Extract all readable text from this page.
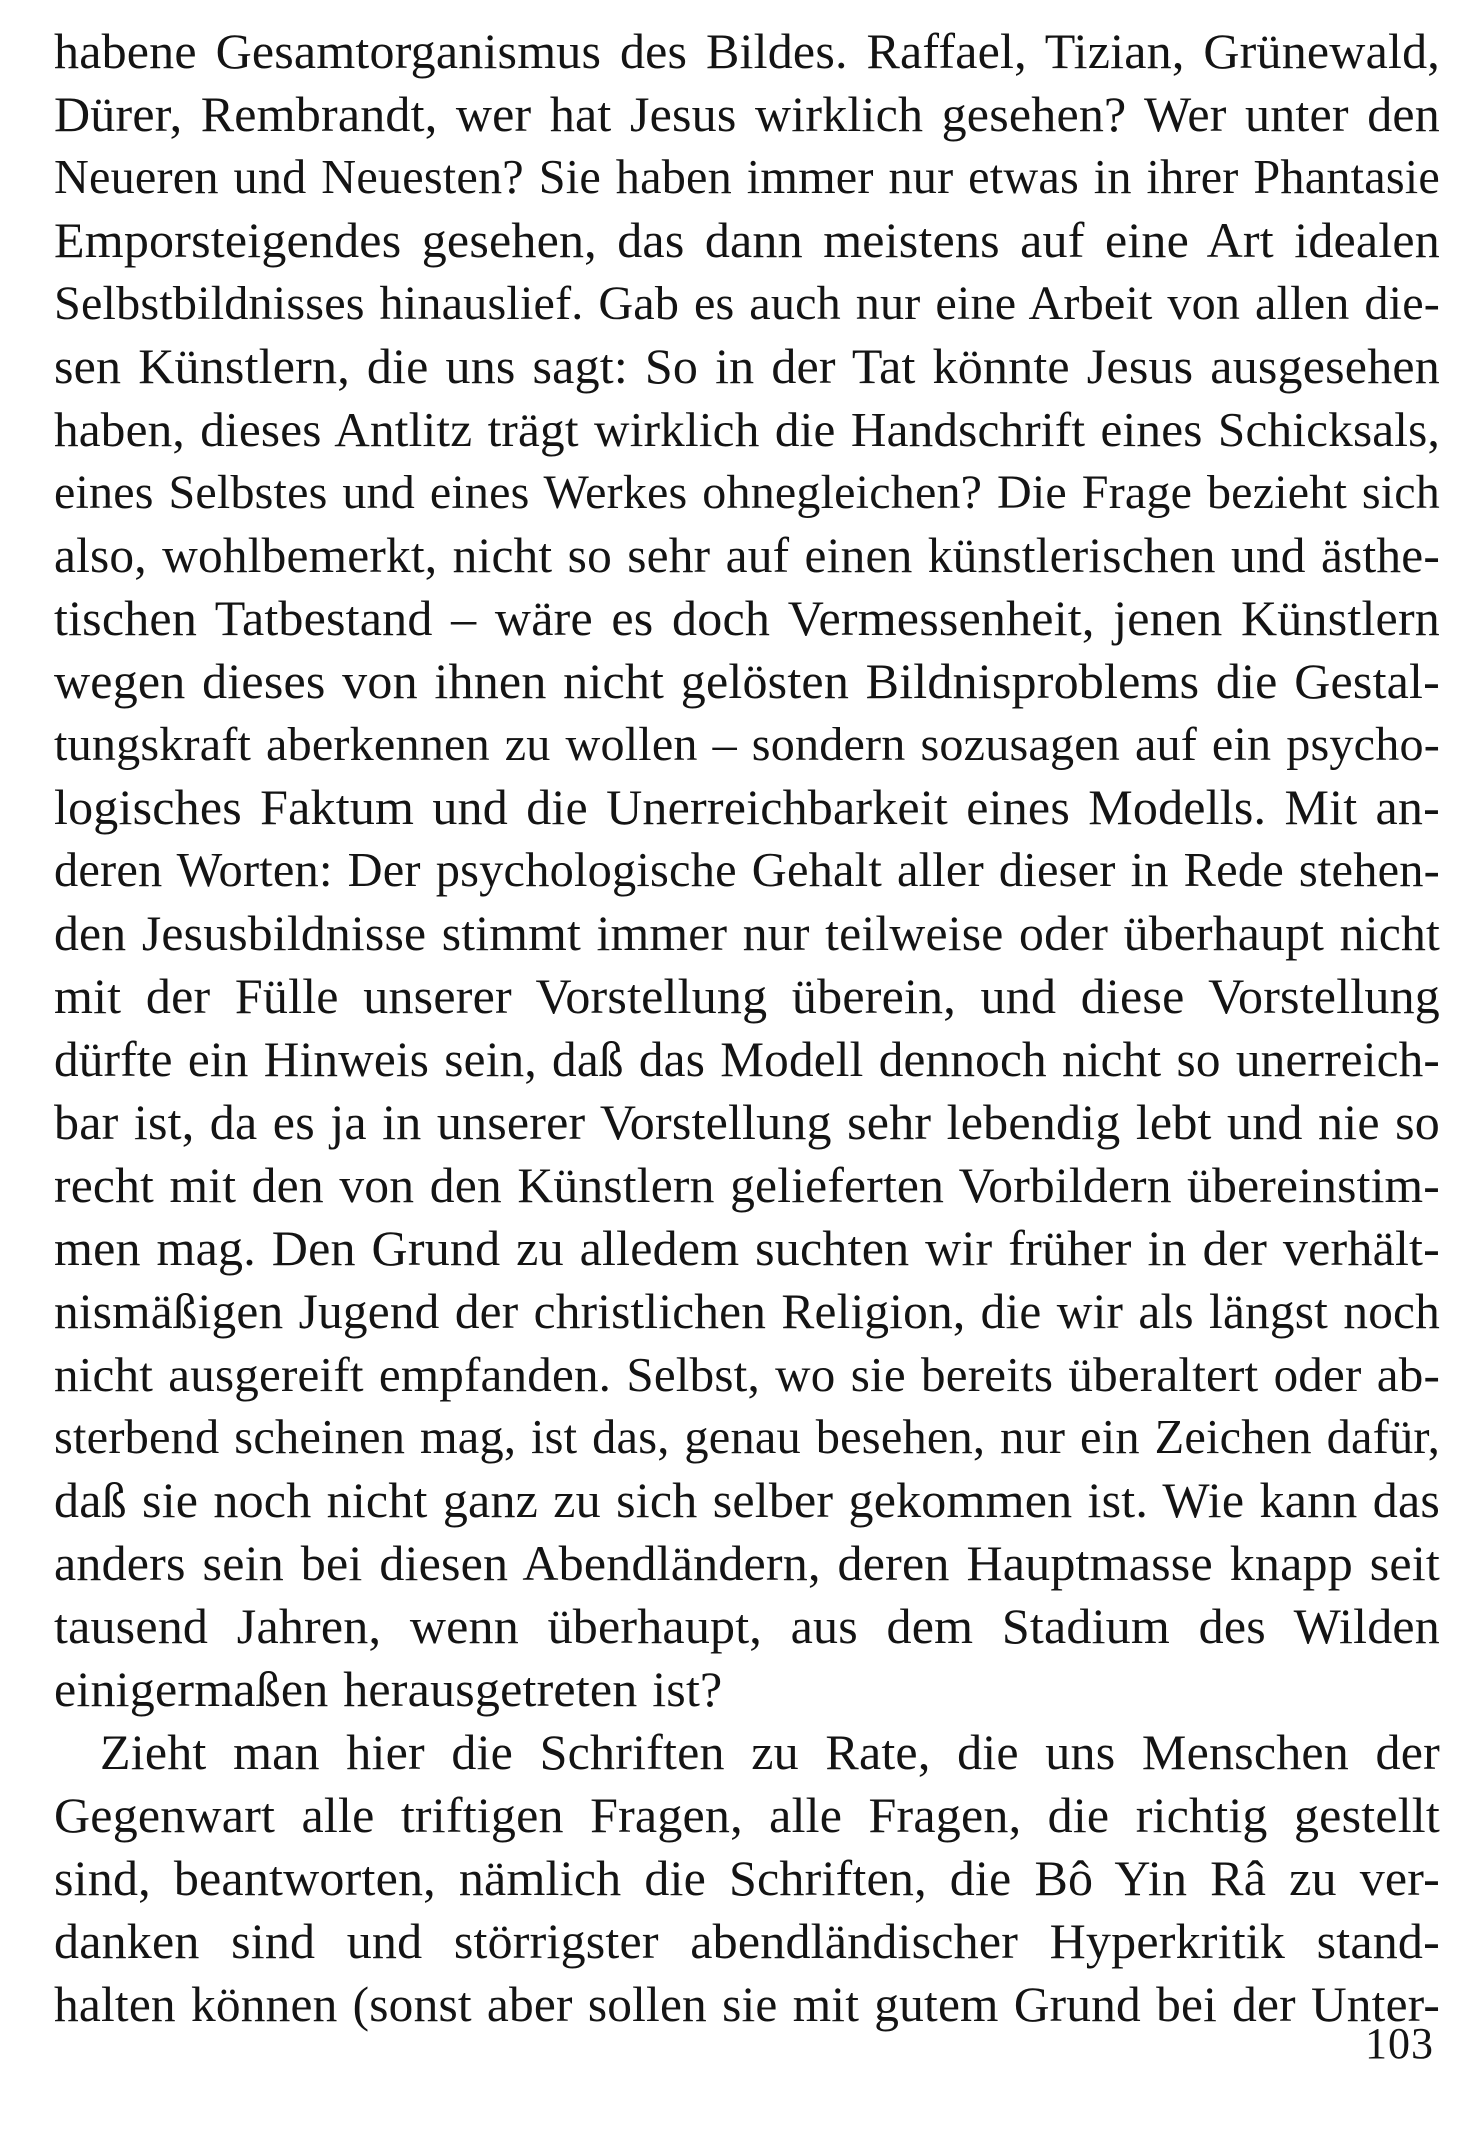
habene Gesamtorganismus des Bildes. Raffael, Tizian, Grünewald,
Dürer, Rembrandt, wer hat Jesus wirklich gesehen? Wer unter den
Neueren und Neuesten? Sie haben immer nur etwas in ihrer Phantasie
Emporsteigendes gesehen, das dann meistens auf eine Art idealen
Selbstbildnisses hinauslief. Gab es auch nur eine Arbeit von allen die-
sen Künstlern, die uns sagt: So in der Tat könnte Jesus ausgesehen
haben, dieses Antlitz trägt wirklich die Handschrift eines Schicksals,
eines Selbstes und eines Werkes ohnegleichen? Die Frage bezieht sich
also, wohlbemerkt, nicht so sehr auf einen künstlerischen und ästhe-
tischen Tatbestand – wäre es doch Vermessenheit, jenen Künstlern
wegen dieses von ihnen nicht gelösten Bildnisproblems die Gestal-
tungskraft aberkennen zu wollen – sondern sozusagen auf ein psycho-
logisches Faktum und die Unerreichbarkeit eines Modells. Mit an-
deren Worten: Der psychologische Gehalt aller dieser in Rede stehen-
den Jesusbildnisse stimmt immer nur teilweise oder überhaupt nicht
mit der Fülle unserer Vorstellung überein, und diese Vorstellung
dürfte ein Hinweis sein, daß das Modell dennoch nicht so unerreich-
bar ist, da es ja in unserer Vorstellung sehr lebendig lebt und nie so
recht mit den von den Künstlern gelieferten Vorbildern übereinstim-
men mag. Den Grund zu alledem suchten wir früher in der verhält-
nismäßigen Jugend der christlichen Religion, die wir als längst noch
nicht ausgereift empfanden. Selbst, wo sie bereits überaltert oder ab-
sterbend scheinen mag, ist das, genau besehen, nur ein Zeichen dafür,
daß sie noch nicht ganz zu sich selber gekommen ist. Wie kann das
anders sein bei diesen Abendländern, deren Hauptmasse knapp seit
tausend Jahren, wenn überhaupt, aus dem Stadium des Wilden
einigermaßen herausgetreten ist?
Zieht man hier die Schriften zu Rate, die uns Menschen der
Gegenwart alle triftigen Fragen, alle Fragen, die richtig gestellt
sind, beantworten, nämlich die Schriften, die Bô Yin Râ zu ver-
danken sind und störrigster abendländischer Hyperkritik stand-
halten können (sonst aber sollen sie mit gutem Grund bei der Unter-
103
